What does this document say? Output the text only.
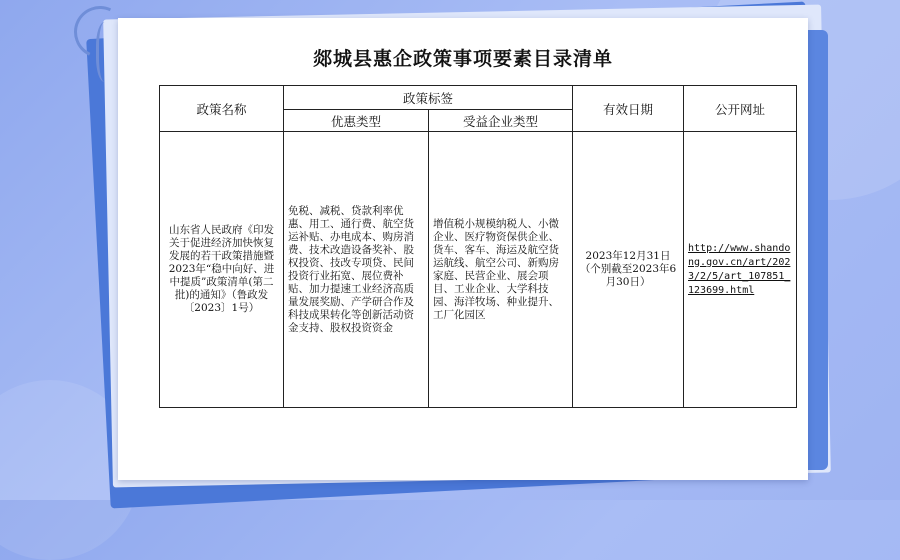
郯城县惠企政策事项要素目录清单
政策名称	政策标签		有效日期	公开网址
	优惠类型	受益企业类型		
山东省人民政府《印发关于促进经济加快恢复发展的若干政策措施暨2023年“稳中向好、进中提质”政策清单(第二批)的通知》（鲁政发〔2023〕1号）	免税、减税、贷款利率优惠、用工、通行费、航空货运补贴、办电成本、购房消费、技术改造设备奖补、股权投资、技改专项贷、民间投资行业拓宽、展位费补贴、加力提速工业经济高质量发展奖励、产学研合作及科技成果转化等创新活动资金支持、股权投资资金	增值税小规模纳税人、小微企业、医疗物资保供企业、货车、客车、海运及航空货运航线、航空公司、新购房家庭、民营企业、展会项目、工业企业、大学科技园、海洋牧场、种业提升、工厂化园区	2023年12月31日
（个别截至2023年6月30日）	http://www.shandong.gov.cn/art/2023/2/5/art_107851_123699.html
